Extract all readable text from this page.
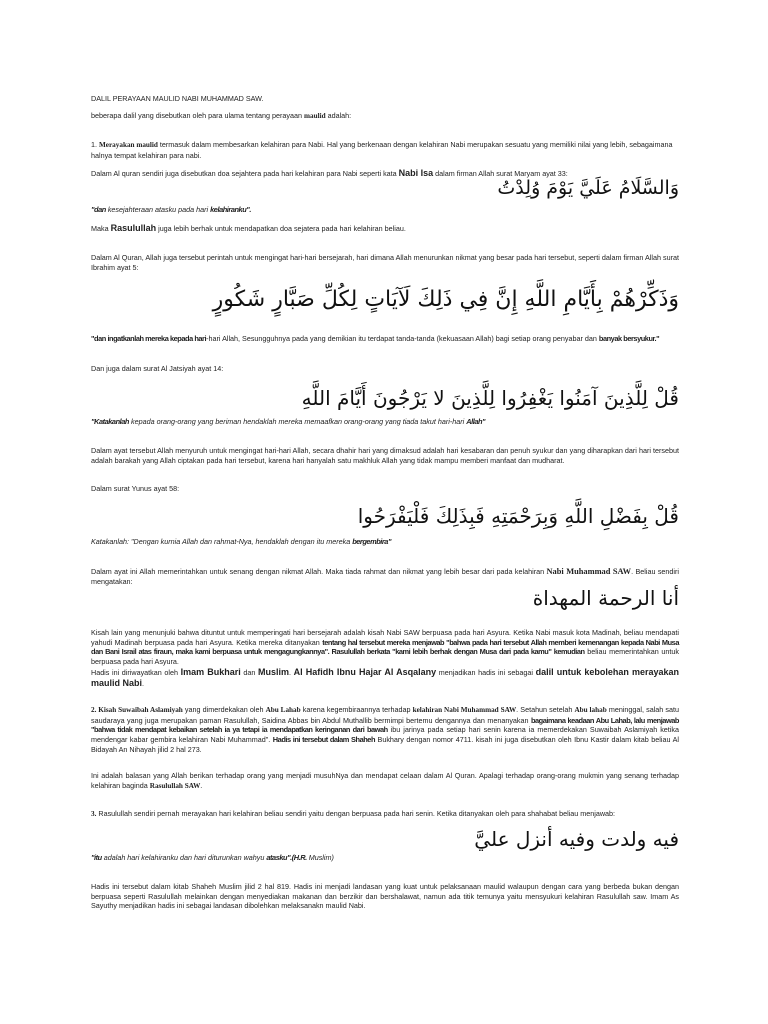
DALIL PERAYAAN MAULID NABI MUHAMMAD SAW.

beberapa dalil yang disebutkan oleh para ulama tentang perayaan maulid adalah:

1. Merayakan maulid termasuk dalam membesarkan kelahiran para Nabi. Hal yang berkenaan dengan kelahiran Nabi merupakan sesuatu yang memiliki nilai yang lebih, sebagaimana halnya tempat kelahiran para nabi.

Dalam Al quran sendiri juga disebutkan doa sejahtera pada hari kelahiran para Nabi seperti kata Nabi Isa dalam firman Allah surat Maryam ayat 33:

وَالسَّلَامُ عَلَيَّ يَوْمَ وُلِدْتُ

"dan kesejahteraan atasku pada hari kelahiranku".

Maka Rasulullah juga lebih berhak untuk mendapatkan doa sejatera pada hari kelahiran beliau.

Dalam Al Quran, Allah juga tersebut perintah untuk mengingat hari-hari bersejarah, hari dimana Allah menurunkan nikmat yang besar pada hari tersebut, seperti dalam firman Allah surat Ibrahim ayat 5:

وَذَكِّرْهُمْ بِأَيَّامِ اللَّهِ إِنَّ فِي ذَلِكَ لَآيَاتٍ لِكُلِّ صَبَّارٍ شَكُورٍ

"dan ingatkanlah mereka kepada hari-hari Allah, Sesungguhnya pada yang demikian itu terdapat tanda-tanda (kekuasaan Allah) bagi setiap orang penyabar dan banyak bersyukur."

Dan juga dalam surat Al Jatsiyah ayat 14:

قُلْ لِلَّذِينَ آمَنُوا يَغْفِرُوا لِلَّذِينَ لا يَرْجُونَ أَيَّامَ اللَّهِ

"Katakanlah kepada orang-orang yang beriman hendaklah mereka memaafkan orang-orang yang tiada takut hari-hari Allah"

Dalam ayat tersebut Allah menyuruh untuk mengingat hari-hari Allah, secara dhahir hari yang dimaksud adalah hari kesabaran dan penuh syukur dan yang diharapkan dari hari tersebut adalah barakah yang Allah ciptakan pada hari tersebut, karena hari hanyalah satu makhluk Allah yang tidak mampu memberi manfaat dan mudharat.

Dalam surat Yunus ayat 58:

قُلْ بِفَضْلِ اللَّهِ وَبِرَحْمَتِهِ فَبِذَلِكَ فَلْيَفْرَحُوا

Katakanlah: "Dengan kurnia Allah dan rahmat-Nya, hendaklah dengan itu mereka bergembira"

Dalam ayat ini Allah memerintahkan untuk senang dengan nikmat Allah. Maka tiada rahmat dan nikmat yang lebih besar dari pada kelahiran Nabi Muhammad SAW. Beliau sendiri mengatakan:

أنا الرحمة المهداة

Kisah lain yang menunjuki bahwa dituntut untuk memperingati hari bersejarah adalah kisah Nabi SAW berpuasa pada hari Asyura. Ketika Nabi masuk kota Madinah, beliau mendapati yahudi Madinah berpuasa pada hari Asyura. Ketika mereka ditanyakan tentang hal tersebut mereka menjawab "bahwa pada hari tersebut Allah memberi kemenangan kepada Nabi Musa dan Bani Israil atas firaun, maka kami berpuasa untuk mengagungkannya". Rasulullah berkata "kami lebih berhak dengan Musa dari pada kamu" kemudian beliau memerintahkan untuk berpuasa pada hari Asyura.
Hadis ini diriwayatkan oleh Imam Bukhari dan Muslim. Al Hafidh Ibnu Hajar Al Asqalany menjadikan hadis ini sebagai dalil untuk kebolehan merayakan maulid Nabi.

2. Kisah Suwaibah Aslamiyah yang dimerdekakan oleh Abu Lahab karena kegembiraannya terhadap kelahiran Nabi Muhammad SAW. Setahun setelah Abu lahab meninggal, salah satu saudaraya yang juga merupakan paman Rasulullah, Saidina Abbas bin Abdul Muthallib bermimpi bertemu dengannya dan menanyakan bagaimana keadaan Abu Lahab, lalu menjawab "bahwa tidak mendapat kebaikan setelah ia ya tetapi ia mendapatkan keringanan dari bawah ibu jarinya pada setiap hari senin karena ia memerdekakan Suwaibah Aslamiyah ketika mendengar kabar gembira kelahiran Nabi Muhammad". Hadis ini tersebut dalam Shaheh Bukhary dengan nomor 4711. kisah ini juga disebutkan oleh Ibnu Kastir dalam kitab beliau Al Bidayah An Nihayah jilid 2 hal 273.

Ini adalah balasan yang Allah berikan terhadap orang yang menjadi musuhNya dan mendapat celaan dalam Al Quran. Apalagi terhadap orang-orang mukmin yang senang terhadap kelahiran baginda Rasulullah SAW.

3. Rasulullah sendiri pernah merayakan hari kelahiran beliau sendiri yaitu dengan berpuasa pada hari senin. Ketika ditanyakan oleh para shahabat beliau menjawab:

فيه ولدت وفيه أنزل عليَّ

"itu adalah hari kelahiranku dan hari diturunkan wahyu atasku".(H.R. Muslim)

Hadis ini tersebut dalam kitab Shaheh Muslim jilid 2 hal 819. Hadis ini menjadi landasan yang kuat untuk pelaksanaan maulid walaupun dengan cara yang berbeda bukan dengan berpuasa seperti Rasulullah melainkan dengan menyediakan makanan dan berzikir dan bershalawat, namun ada titik temunya yaitu mensyukuri kelahiran Rasulullah saw. Imam As Sayuthy menjadikan hadis ini sebagai landasan dibolehkan melaksanakn maulid Nabi.
